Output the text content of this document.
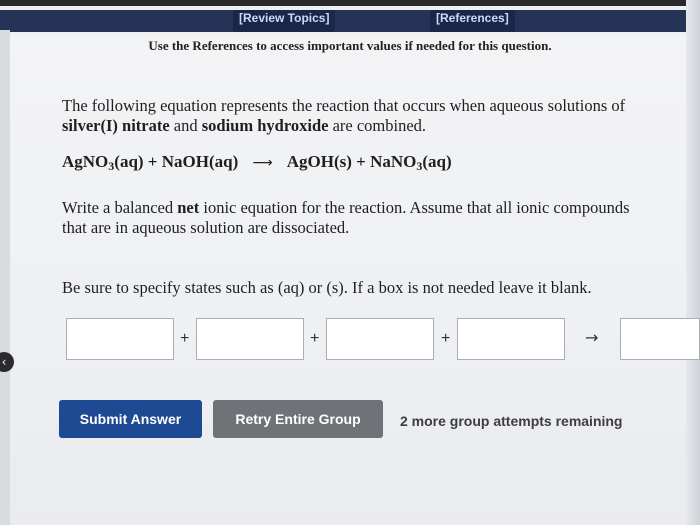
[Review Topics]	[References]
Use the References to access important values if needed for this question.
‹
The following equation represents the reaction that occurs when aqueous solutions of silver(I) nitrate and sodium hydroxide are combined.
AgNO$_3$(aq) + NaOH(aq) ⟶ AgOH(s) + NaNO$_3$(aq)
Write a balanced net ionic equation for the reaction. Assume that all ionic compounds that are in aqueous solution are dissociated.
Be sure to specify states such as (aq) or (s). If a box is not needed leave it blank.
+	+	+	→
Submit Answer	Retry Entire Group	2 more group attempts remaining
